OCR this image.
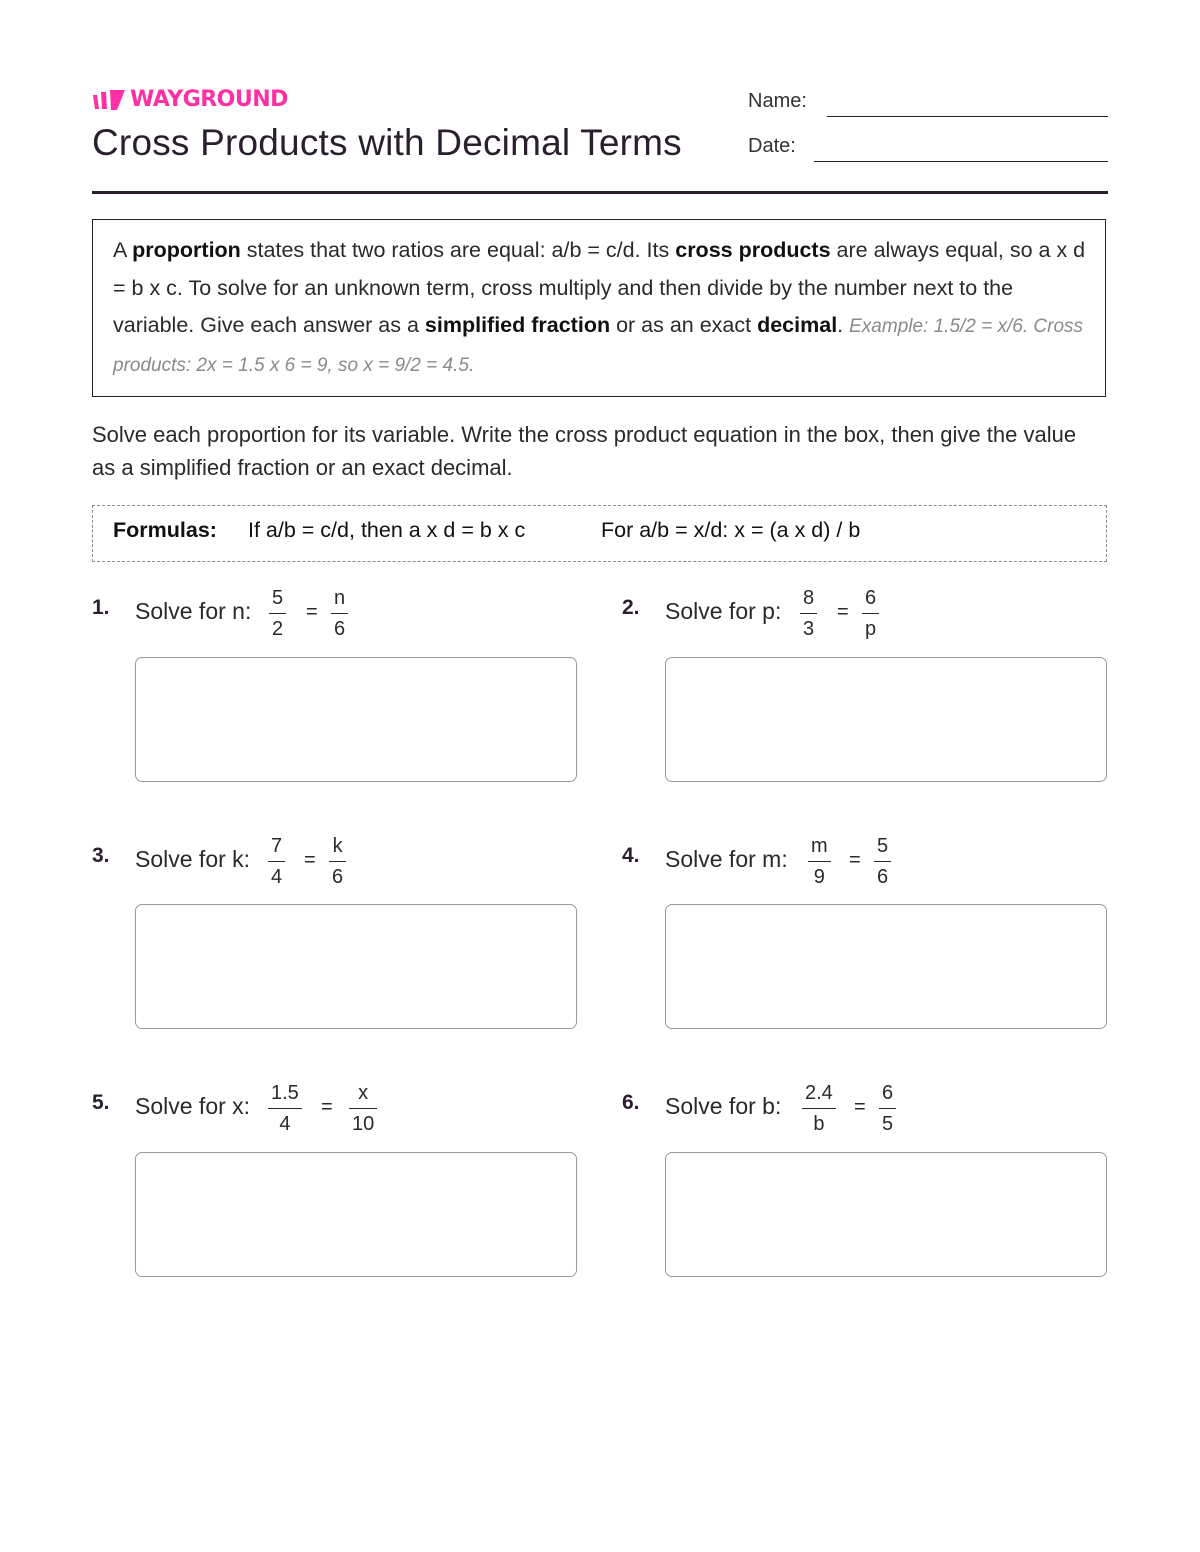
WAYGROUND
Cross Products with Decimal Terms
Name:
Date:
A proportion states that two ratios are equal: a/b = c/d. Its cross products are always equal, so a x d = b x c. To solve for an unknown term, cross multiply and then divide by the number next to the variable. Give each answer as a simplified fraction or as an exact decimal. Example: 1.5/2 = x/6. Cross products: 2x = 1.5 x 6 = 9, so x = 9/2 = 4.5.
Solve each proportion for its variable. Write the cross product equation in the box, then give the value as a simplified fraction or an exact decimal.
Formulas: If a/b = c/d, then a x d = b x c	For a/b = x/d: x = (a x d) / b
1. Solve for n: 5
2
=
n
6
2. Solve for p: 8
3
=
6
p
3. Solve for k: 7
4
=
k
6
4. Solve for m: m
9
=
5
6
5. Solve for x: 1.5
4
=
x
10
6. Solve for b: 2.4
b
=
6
5
